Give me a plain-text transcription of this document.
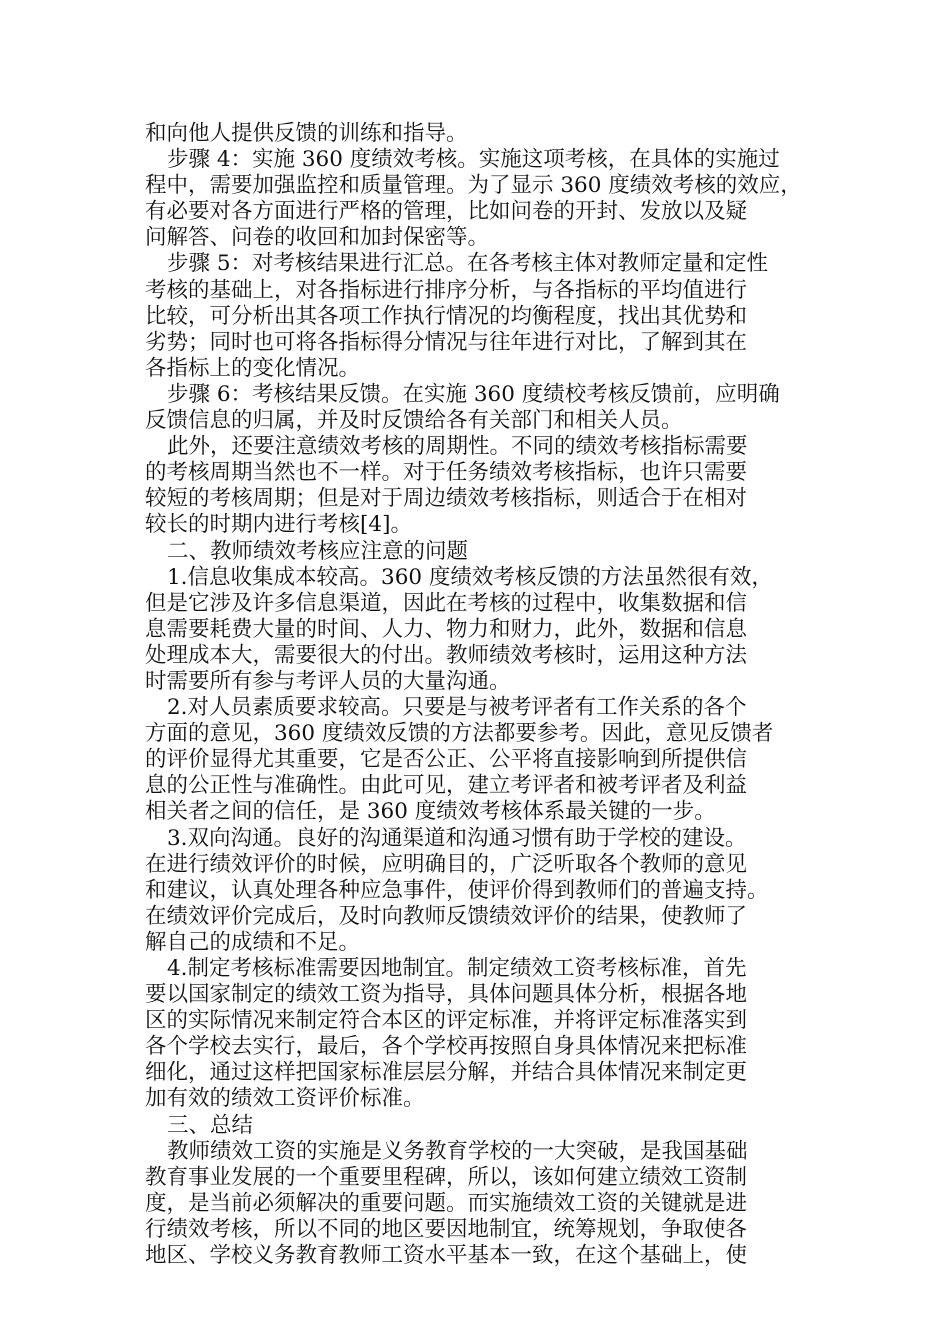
和向他人提供反馈的训练和指导。
步骤 4：实施 360 度绩效考核。实施这项考核，在具体的实施过
程中，需要加强监控和质量管理。为了显示 360 度绩效考核的效应，
有必要对各方面进行严格的管理，比如问卷的开封、发放以及疑
问解答、问卷的收回和加封保密等。
步骤 5：对考核结果进行汇总。在各考核主体对教师定量和定性
考核的基础上，对各指标进行排序分析，与各指标的平均值进行
比较，可分析出其各项工作执行情况的均衡程度，找出其优势和
劣势；同时也可将各指标得分情况与往年进行对比，了解到其在
各指标上的变化情况。
步骤 6：考核结果反馈。在实施 360 度绩校考核反馈前，应明确
反馈信息的归属，并及时反馈给各有关部门和相关人员。
此外，还要注意绩效考核的周期性。不同的绩效考核指标需要
的考核周期当然也不一样。对于任务绩效考核指标，也许只需要
较短的考核周期；但是对于周边绩效考核指标，则适合于在相对
较长的时期内进行考核[4]。
二、教师绩效考核应注意的问题
1.信息收集成本较高。360 度绩效考核反馈的方法虽然很有效，
但是它涉及许多信息渠道，因此在考核的过程中，收集数据和信
息需要耗费大量的时间、人力、物力和财力，此外，数据和信息
处理成本大，需要很大的付出。教师绩效考核时，运用这种方法
时需要所有参与考评人员的大量沟通。
2.对人员素质要求较高。只要是与被考评者有工作关系的各个
方面的意见，360 度绩效反馈的方法都要参考。因此，意见反馈者
的评价显得尤其重要，它是否公正、公平将直接影响到所提供信
息的公正性与准确性。由此可见，建立考评者和被考评者及利益
相关者之间的信任，是 360 度绩效考核体系最关键的一步。
3.双向沟通。良好的沟通渠道和沟通习惯有助于学校的建设。
在进行绩效评价的时候，应明确目的，广泛听取各个教师的意见
和建议，认真处理各种应急事件，使评价得到教师们的普遍支持。
在绩效评价完成后，及时向教师反馈绩效评价的结果，使教师了
解自己的成绩和不足。
4.制定考核标准需要因地制宜。制定绩效工资考核标准，首先
要以国家制定的绩效工资为指导，具体问题具体分析，根据各地
区的实际情况来制定符合本区的评定标准，并将评定标准落实到
各个学校去实行，最后，各个学校再按照自身具体情况来把标准
细化，通过这样把国家标准层层分解，并结合具体情况来制定更
加有效的绩效工资评价标准。
三、总结
教师绩效工资的实施是义务教育学校的一大突破，是我国基础
教育事业发展的一个重要里程碑，所以，该如何建立绩效工资制
度，是当前必须解决的重要问题。而实施绩效工资的关键就是进
行绩效考核，所以不同的地区要因地制宜，统筹规划，争取使各
地区、学校义务教育教师工资水平基本一致，在这个基础上，使
